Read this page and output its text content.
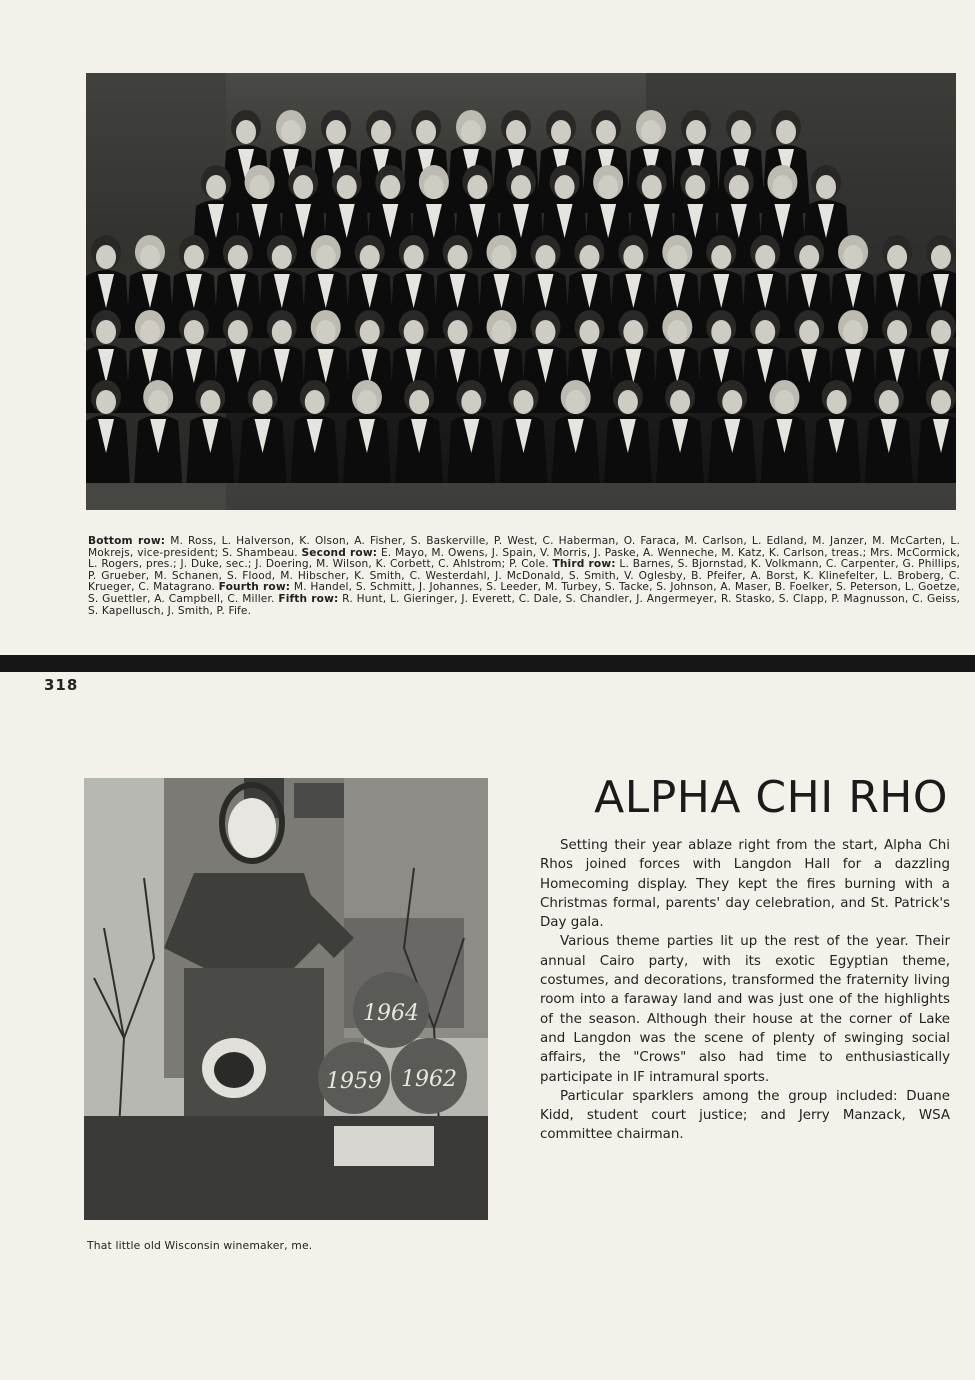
Bottom row: M. Ross, L. Halverson, K. Olson, A. Fisher, S. Baskerville, P. West, C. Haberman, O. Faraca, M. Carlson, L. Edland, M. Janzer, M. McCarten, L. Mokrejs, vice-president; S. Shambeau. Second row: E. Mayo, M. Owens, J. Spain, V. Morris, J. Paske, A. Wenneche, M. Katz, K. Carlson, treas.; Mrs. McCormick, L. Rogers, pres.; J. Duke, sec.; J. Doering, M. Wilson, K. Corbett, C. Ahlstrom; P. Cole. Third row: L. Barnes, S. Bjornstad, K. Volkmann, C. Carpenter, G. Phillips, P. Grueber, M. Schanen, S. Flood, M. Hibscher, K. Smith, C. Westerdahl, J. McDonald, S. Smith, V. Oglesby, B. Pfeifer, A. Borst, K. Klinefelter, L. Broberg, C. Krueger, C. Matagrano. Fourth row: M. Handel, S. Schmitt, J. Johannes, S. Leeder, M. Turbey, S. Tacke, S. Johnson, A. Maser, B. Foelker, S. Peterson, L. Goetze, S. Guettler, A. Campbell, C. Miller. Fifth row: R. Hunt, L. Gieringer, J. Everett, C. Dale, S. Chandler, J. Angermeyer, R. Stasko, S. Clapp, P. Magnusson, C. Geiss, S. Kapellusch, J. Smith, P. Fife.
318
1964
1959 1962
That little old Wisconsin winemaker, me.
ALPHA CHI RHO

Setting their year ablaze right from the start, Alpha Chi Rhos joined forces with Langdon Hall for a dazzling Homecoming display. They kept the fires burning with a Christmas formal, parents' day celebration, and St. Patrick's Day gala.

Various theme parties lit up the rest of the year. Their annual Cairo party, with its exotic Egyptian theme, costumes, and decorations, transformed the fraternity living room into a faraway land and was just one of the highlights of the season. Although their house at the corner of Lake and Langdon was the scene of plenty of swinging social affairs, the "Crows" also had time to enthusiastically participate in IF intramural sports.

Particular sparklers among the group included: Duane Kidd, student court justice; and Jerry Manzack, WSA committee chairman.
